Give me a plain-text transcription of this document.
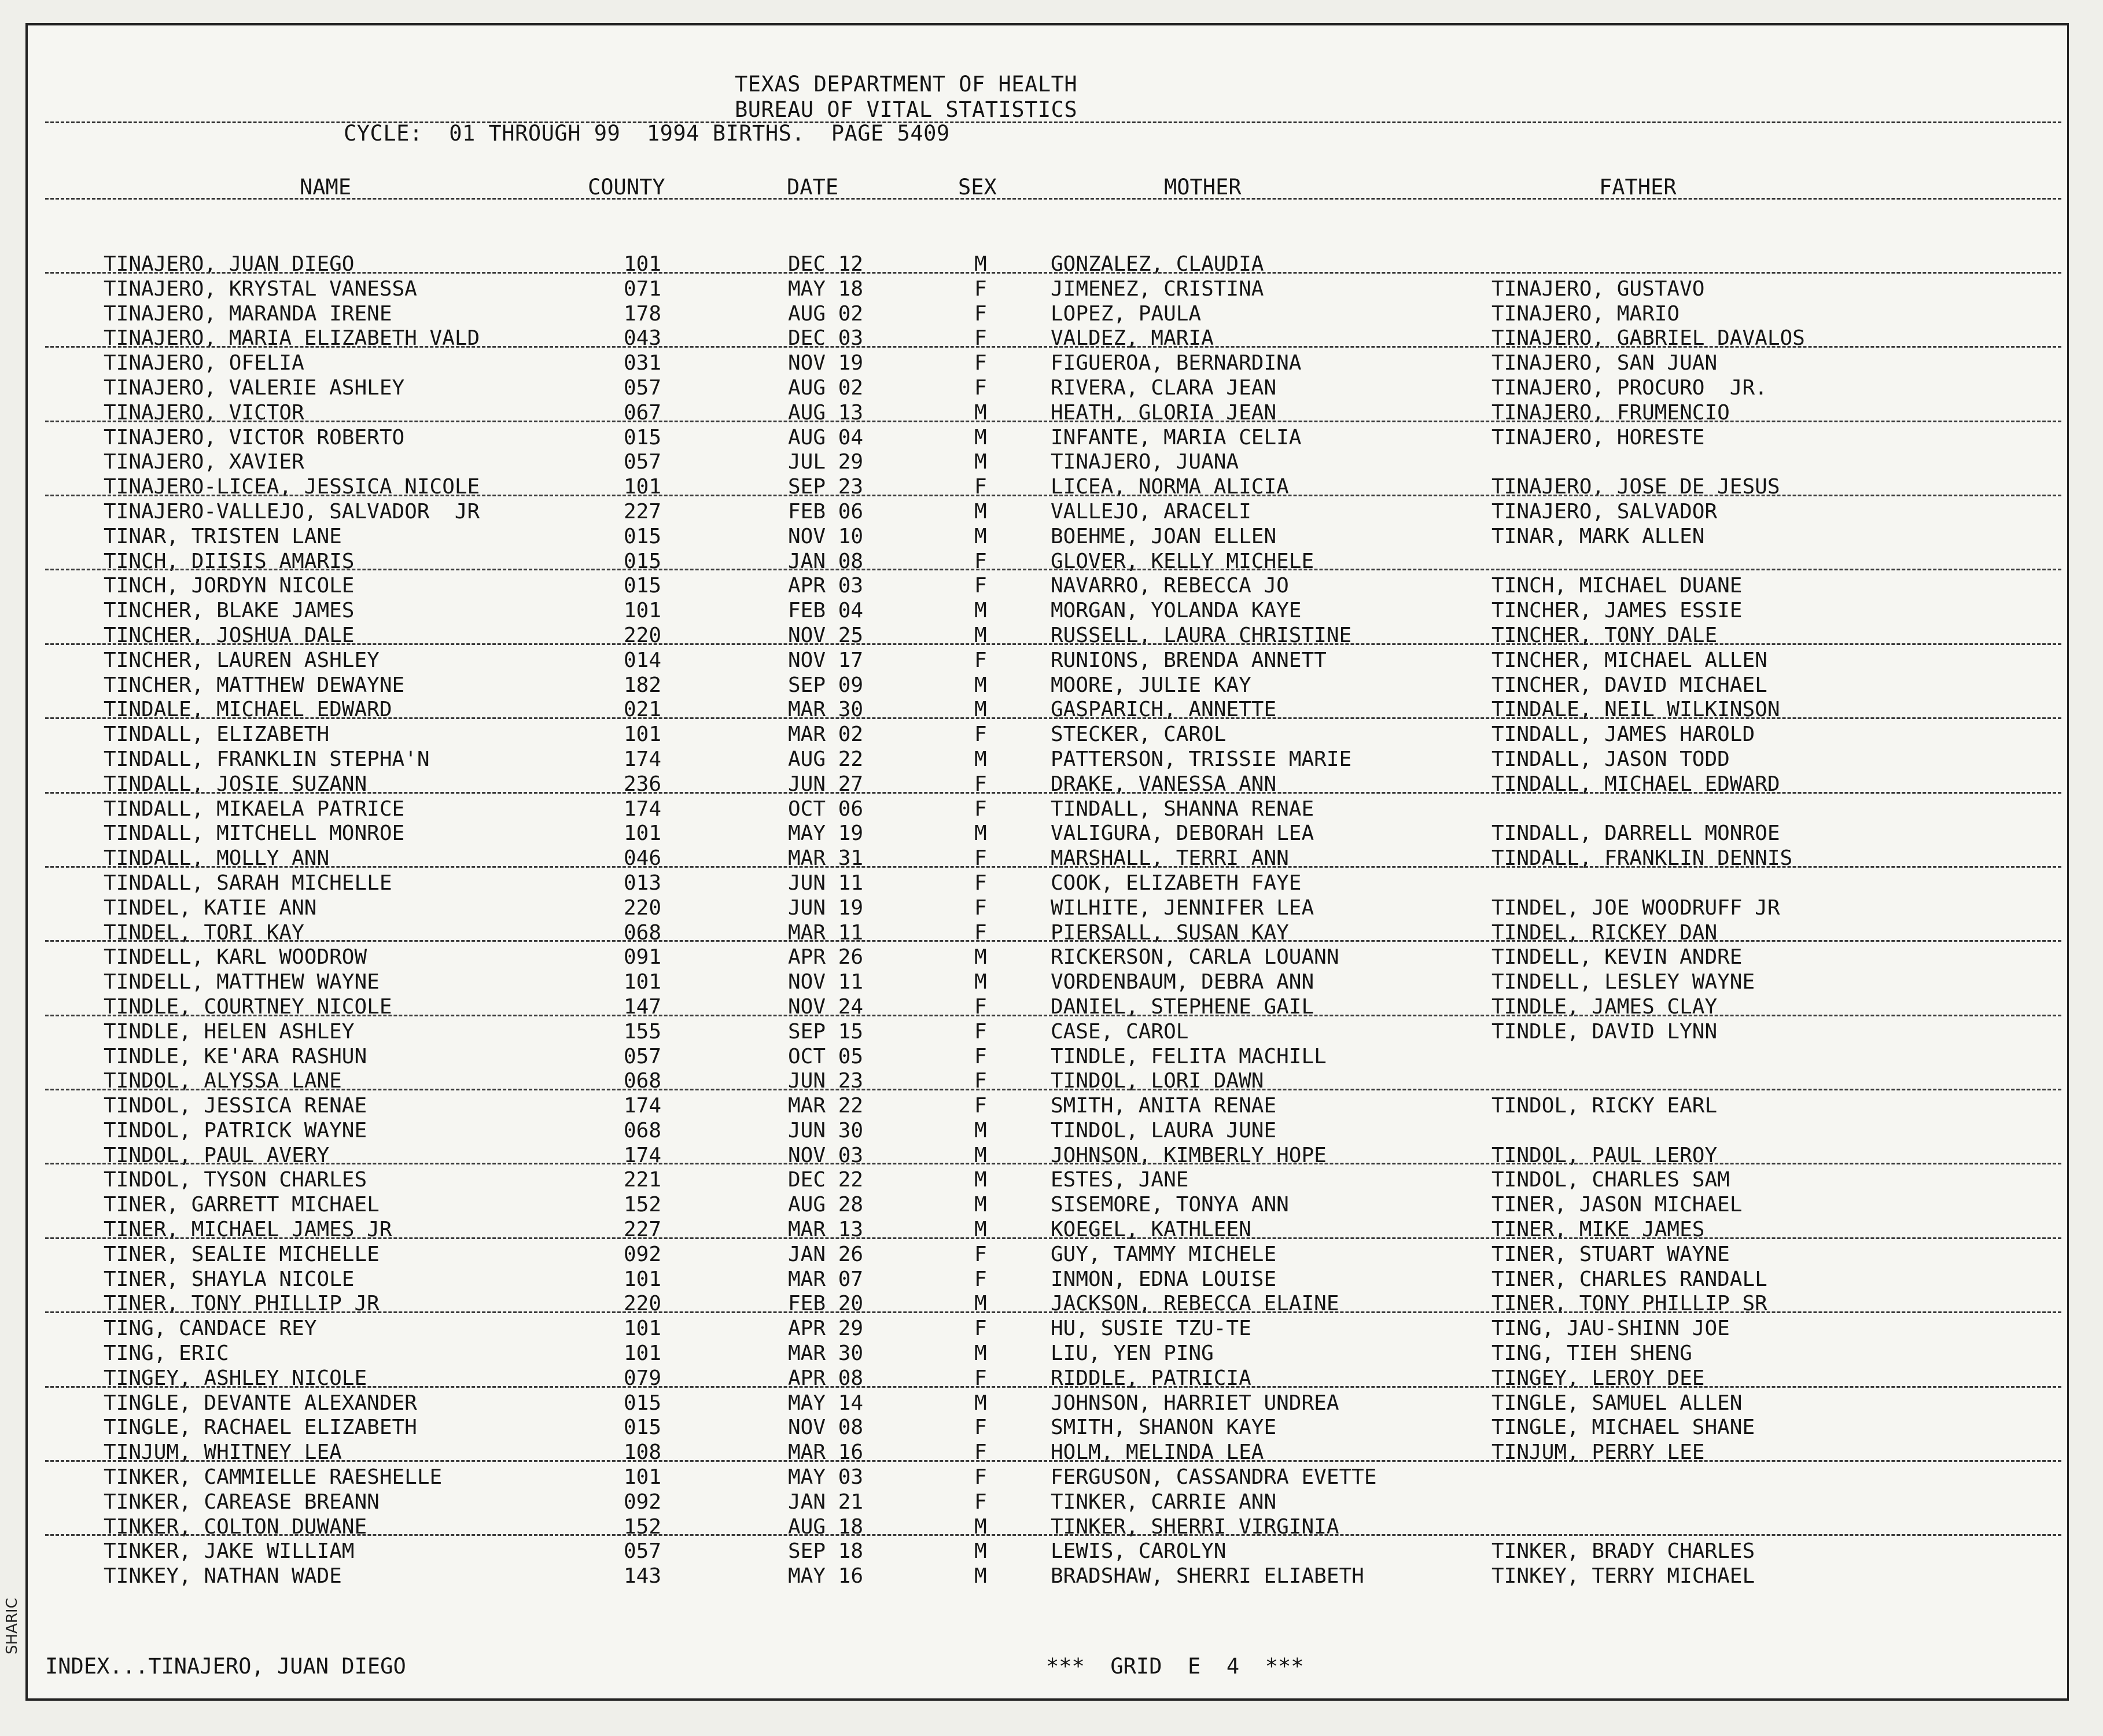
TEXAS DEPARTMENT OF HEALTH
BUREAU OF VITAL STATISTICS
CYCLE:  01 THROUGH 99  1994 BIRTHS.  PAGE 5409
NAME	COUNTY	DATE	SEX	MOTHER	FATHER
TINAJERO, JUAN DIEGO	101	DEC 12	M	GONZALEZ, CLAUDIA
TINAJERO, KRYSTAL VANESSA	071	MAY 18	F	JIMENEZ, CRISTINA	TINAJERO, GUSTAVO
TINAJERO, MARANDA IRENE	178	AUG 02	F	LOPEZ, PAULA	TINAJERO, MARIO
TINAJERO, MARIA ELIZABETH VALD	043	DEC 03	F	VALDEZ, MARIA	TINAJERO, GABRIEL DAVALOS
TINAJERO, OFELIA	031	NOV 19	F	FIGUEROA, BERNARDINA	TINAJERO, SAN JUAN
TINAJERO, VALERIE ASHLEY	057	AUG 02	F	RIVERA, CLARA JEAN	TINAJERO, PROCURO  JR.
TINAJERO, VICTOR	067	AUG 13	M	HEATH, GLORIA JEAN	TINAJERO, FRUMENCIO
TINAJERO, VICTOR ROBERTO	015	AUG 04	M	INFANTE, MARIA CELIA	TINAJERO, HORESTE
TINAJERO, XAVIER	057	JUL 29	M	TINAJERO, JUANA
TINAJERO-LICEA, JESSICA NICOLE	101	SEP 23	F	LICEA, NORMA ALICIA	TINAJERO, JOSE DE JESUS
TINAJERO-VALLEJO, SALVADOR  JR	227	FEB 06	M	VALLEJO, ARACELI	TINAJERO, SALVADOR
TINAR, TRISTEN LANE	015	NOV 10	M	BOEHME, JOAN ELLEN	TINAR, MARK ALLEN
TINCH, DIISIS AMARIS	015	JAN 08	F	GLOVER, KELLY MICHELE
TINCH, JORDYN NICOLE	015	APR 03	F	NAVARRO, REBECCA JO	TINCH, MICHAEL DUANE
TINCHER, BLAKE JAMES	101	FEB 04	M	MORGAN, YOLANDA KAYE	TINCHER, JAMES ESSIE
TINCHER, JOSHUA DALE	220	NOV 25	M	RUSSELL, LAURA CHRISTINE	TINCHER, TONY DALE
TINCHER, LAUREN ASHLEY	014	NOV 17	F	RUNIONS, BRENDA ANNETT	TINCHER, MICHAEL ALLEN
TINCHER, MATTHEW DEWAYNE	182	SEP 09	M	MOORE, JULIE KAY	TINCHER, DAVID MICHAEL
TINDALE, MICHAEL EDWARD	021	MAR 30	M	GASPARICH, ANNETTE	TINDALE, NEIL WILKINSON
TINDALL, ELIZABETH	101	MAR 02	F	STECKER, CAROL	TINDALL, JAMES HAROLD
TINDALL, FRANKLIN STEPHA'N	174	AUG 22	M	PATTERSON, TRISSIE MARIE	TINDALL, JASON TODD
TINDALL, JOSIE SUZANN	236	JUN 27	F	DRAKE, VANESSA ANN	TINDALL, MICHAEL EDWARD
TINDALL, MIKAELA PATRICE	174	OCT 06	F	TINDALL, SHANNA RENAE
TINDALL, MITCHELL MONROE	101	MAY 19	M	VALIGURA, DEBORAH LEA	TINDALL, DARRELL MONROE
TINDALL, MOLLY ANN	046	MAR 31	F	MARSHALL, TERRI ANN	TINDALL, FRANKLIN DENNIS
TINDALL, SARAH MICHELLE	013	JUN 11	F	COOK, ELIZABETH FAYE
TINDEL, KATIE ANN	220	JUN 19	F	WILHITE, JENNIFER LEA	TINDEL, JOE WOODRUFF JR
TINDEL, TORI KAY	068	MAR 11	F	PIERSALL, SUSAN KAY	TINDEL, RICKEY DAN
TINDELL, KARL WOODROW	091	APR 26	M	RICKERSON, CARLA LOUANN	TINDELL, KEVIN ANDRE
TINDELL, MATTHEW WAYNE	101	NOV 11	M	VORDENBAUM, DEBRA ANN	TINDELL, LESLEY WAYNE
TINDLE, COURTNEY NICOLE	147	NOV 24	F	DANIEL, STEPHENE GAIL	TINDLE, JAMES CLAY
TINDLE, HELEN ASHLEY	155	SEP 15	F	CASE, CAROL	TINDLE, DAVID LYNN
TINDLE, KE'ARA RASHUN	057	OCT 05	F	TINDLE, FELITA MACHILL
TINDOL, ALYSSA LANE	068	JUN 23	F	TINDOL, LORI DAWN
TINDOL, JESSICA RENAE	174	MAR 22	F	SMITH, ANITA RENAE	TINDOL, RICKY EARL
TINDOL, PATRICK WAYNE	068	JUN 30	M	TINDOL, LAURA JUNE
TINDOL, PAUL AVERY	174	NOV 03	M	JOHNSON, KIMBERLY HOPE	TINDOL, PAUL LEROY
TINDOL, TYSON CHARLES	221	DEC 22	M	ESTES, JANE	TINDOL, CHARLES SAM
TINER, GARRETT MICHAEL	152	AUG 28	M	SISEMORE, TONYA ANN	TINER, JASON MICHAEL
TINER, MICHAEL JAMES JR	227	MAR 13	M	KOEGEL, KATHLEEN	TINER, MIKE JAMES
TINER, SEALIE MICHELLE	092	JAN 26	F	GUY, TAMMY MICHELE	TINER, STUART WAYNE
TINER, SHAYLA NICOLE	101	MAR 07	F	INMON, EDNA LOUISE	TINER, CHARLES RANDALL
TINER, TONY PHILLIP JR	220	FEB 20	M	JACKSON, REBECCA ELAINE	TINER, TONY PHILLIP SR
TING, CANDACE REY	101	APR 29	F	HU, SUSIE TZU-TE	TING, JAU-SHINN JOE
TING, ERIC	101	MAR 30	M	LIU, YEN PING	TING, TIEH SHENG
TINGEY, ASHLEY NICOLE	079	APR 08	F	RIDDLE, PATRICIA	TINGEY, LEROY DEE
TINGLE, DEVANTE ALEXANDER	015	MAY 14	M	JOHNSON, HARRIET UNDREA	TINGLE, SAMUEL ALLEN
TINGLE, RACHAEL ELIZABETH	015	NOV 08	F	SMITH, SHANON KAYE	TINGLE, MICHAEL SHANE
TINJUM, WHITNEY LEA	108	MAR 16	F	HOLM, MELINDA LEA	TINJUM, PERRY LEE
TINKER, CAMMIELLE RAESHELLE	101	MAY 03	F	FERGUSON, CASSANDRA EVETTE
TINKER, CAREASE BREANN	092	JAN 21	F	TINKER, CARRIE ANN
TINKER, COLTON DUWANE	152	AUG 18	M	TINKER, SHERRI VIRGINIA
TINKER, JAKE WILLIAM	057	SEP 18	M	LEWIS, CAROLYN	TINKER, BRADY CHARLES
TINKEY, NATHAN WADE	143	MAY 16	M	BRADSHAW, SHERRI ELIABETH	TINKEY, TERRY MICHAEL
INDEX...TINAJERO, JUAN DIEGO	***  GRID  E  4  ***
SHARIC
